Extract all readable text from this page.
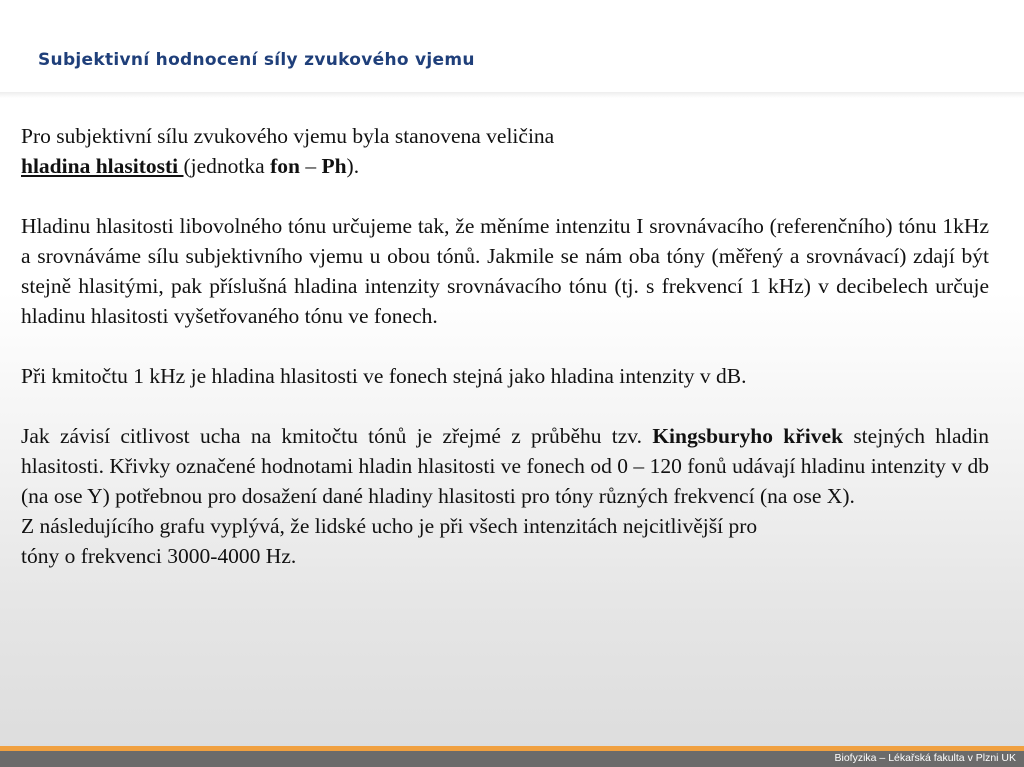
Subjektivní hodnocení síly zvukového vjemu

Pro subjektivní sílu zvukového vjemu byla stanovena veličina
hladina hlasitosti (jednotka fon – Ph).

Hladinu hlasitosti libovolného tónu určujeme tak, že měníme intenzitu I srovnávacího (referenčního) tónu 1kHz a srovnáváme sílu subjektivního vjemu u obou tónů. Jakmile se nám oba tóny (měřený a srovnávací) zdají být stejně hlasitými, pak příslušná hladina intenzity srovnávacího tónu (tj. s frekvencí 1 kHz) v decibelech určuje hladinu hlasitosti vyšetřovaného tónu ve fonech.

Při kmitočtu 1 kHz je hladina hlasitosti ve fonech stejná jako hladina intenzity v dB.

Jak závisí citlivost ucha na kmitočtu tónů je zřejmé z průběhu tzv. Kingsburyho křivek stejných hladin hlasitosti. Křivky označené hodnotami hladin hlasitosti ve fonech od 0 – 120 fonů udávají hladinu intenzity v db (na ose Y) potřebnou pro dosažení dané hladiny hlasitosti pro tóny různých frekvencí (na ose X).

Z následujícího grafu vyplývá, že lidské ucho je při všech intenzitách nejcitlivější pro
tóny o frekvenci 3000-4000 Hz.

Biofyzika – Lékařská fakulta v Plzni UK
